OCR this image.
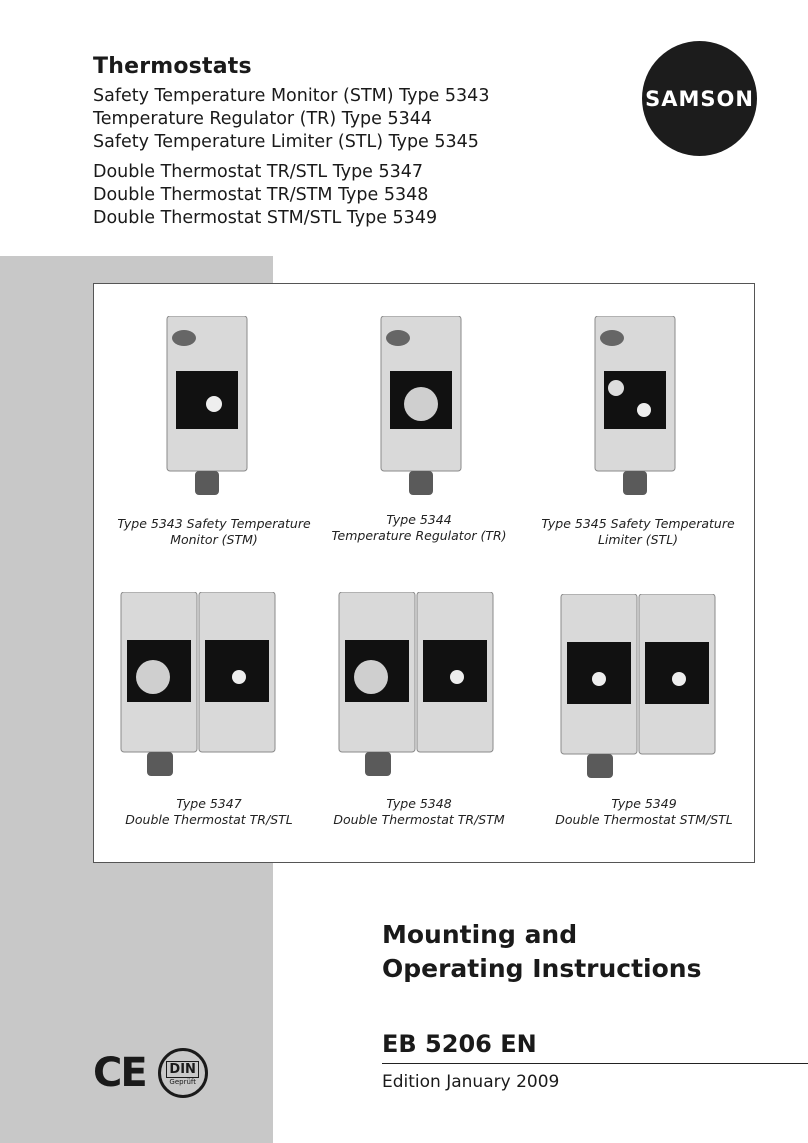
Thermostats

Safety Temperature Monitor (STM) Type 5343

Temperature Regulator (TR) Type 5344

Safety Temperature Limiter (STL) Type 5345

Double Thermostat TR/STL Type 5347

Double Thermostat TR/STM Type 5348

Double Thermostat STM/STL Type 5349

SAMSON
Type 5343 Safety Temperature
Monitor (STM)
Type 5344
Temperature Regulator (TR)
Type 5345 Safety Temperature
Limiter (STL)
Type 5347
Double Thermostat TR/STL
Type 5348
Double Thermostat TR/STM
Type 5349
Double Thermostat STM/STL

Mounting and

Operating Instructions

EB 5206 EN
Edition January 2009
CE DIN
Geprüft
